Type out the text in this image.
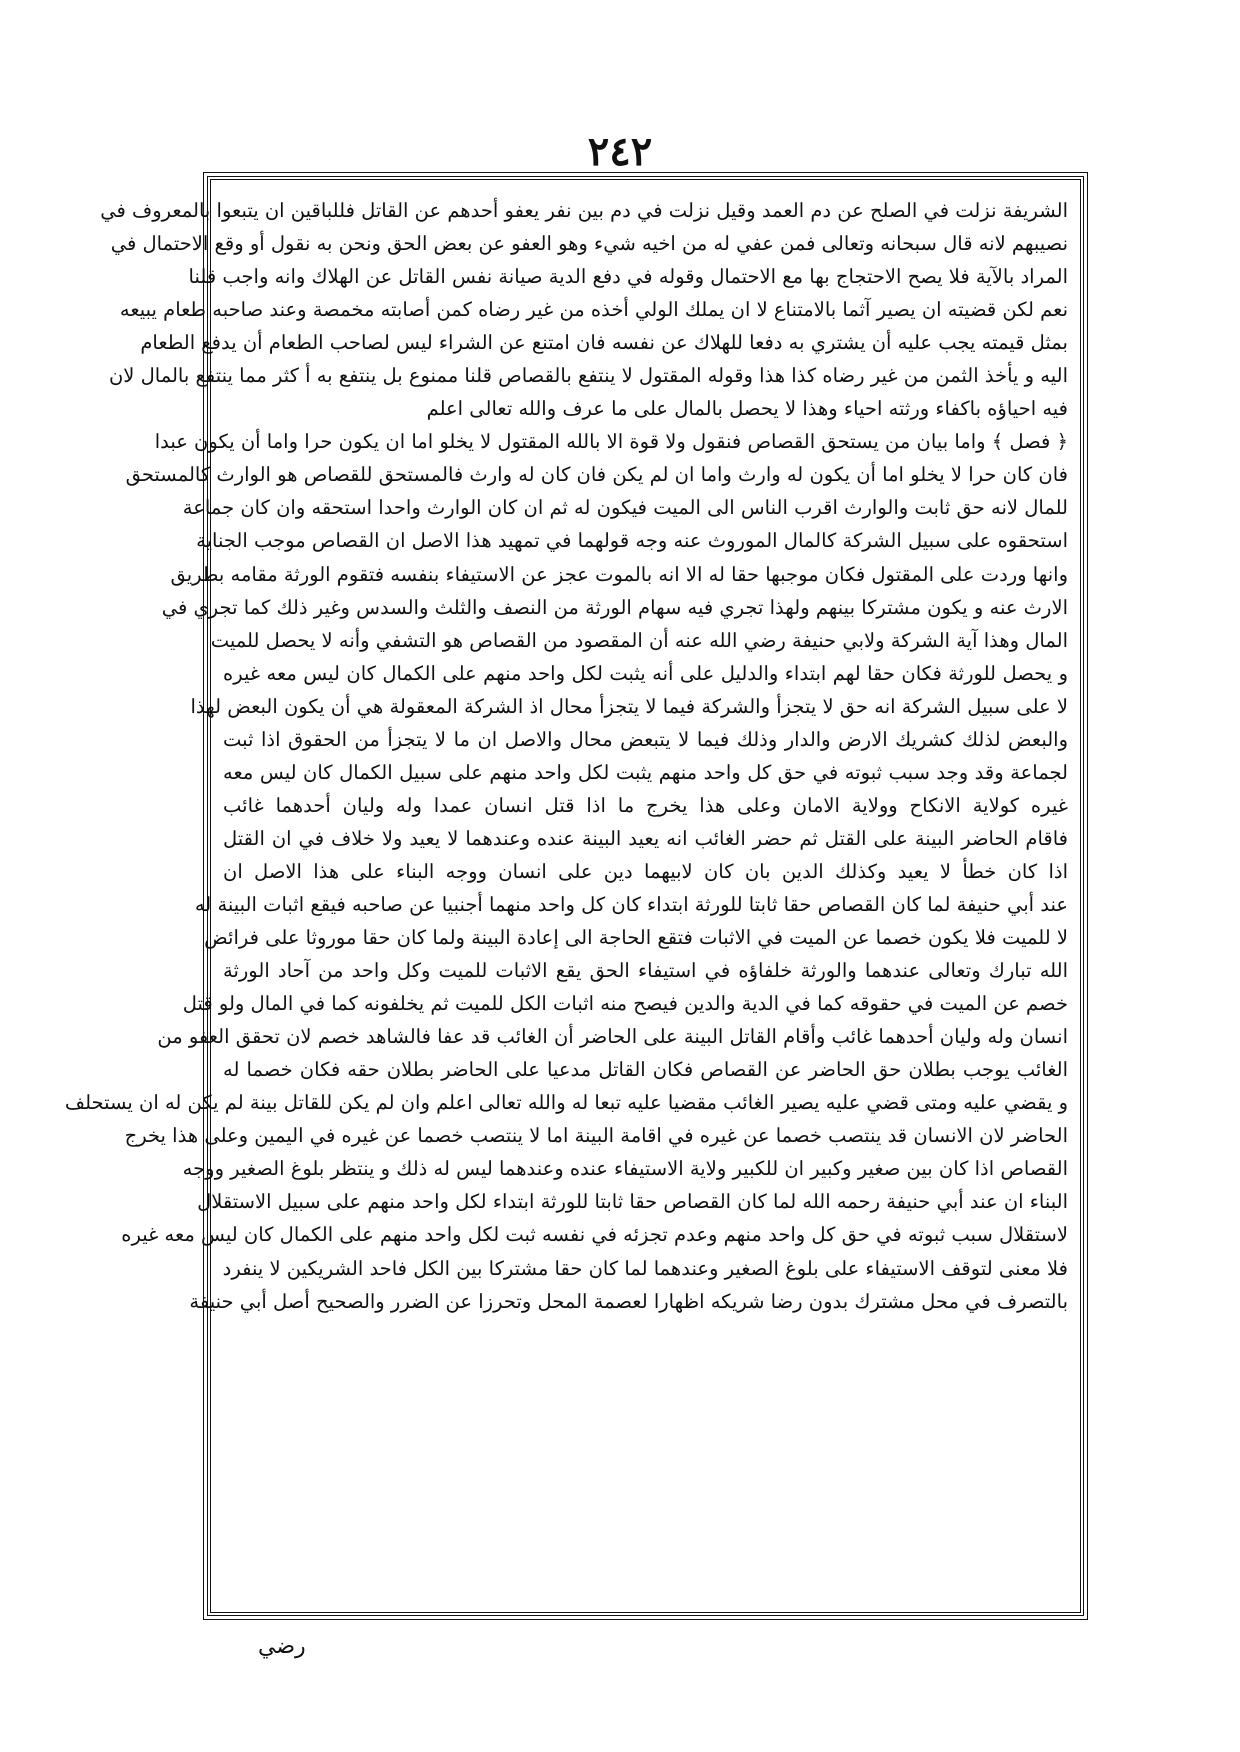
٢٤٢
الشريفة نزلت في الصلح عن دم العمد وقيل نزلت في دم بين نفر يعفو أحدهم عن القاتل فللباقين ان يتبعوا بالمعروف في
نصيبهم لانه قال سبحانه وتعالى فمن عفي له من اخيه شيء وهو العفو عن بعض الحق ونحن به نقول أو وقع الاحتمال في
المراد بالآية فلا يصح الاحتجاج بها مع الاحتمال وقوله في دفع الدية صيانة نفس القاتل عن الهلاك وانه واجب قلنا
نعم لكن قضيته ان يصير آثما بالامتناع لا ان يملك الولي أخذه من غير رضاه كمن أصابته مخمصة وعند صاحبه طعام يبيعه
بمثل قيمته يجب عليه أن يشتري به دفعا للهلاك عن نفسه فان امتنع عن الشراء ليس لصاحب الطعام أن يدفع الطعام
اليه و يأخذ الثمن من غير رضاه كذا هذا وقوله المقتول لا ينتفع بالقصاص قلنا ممنوع بل ينتفع به أ كثر مما ينتفع بالمال لان
فيه احياؤه باكفاء ورثته احياء وهذا لا يحصل بالمال على ما عرف والله تعالى اعلم
﴿ فصل ﴾ واما بيان من يستحق القصاص فنقول ولا قوة الا بالله المقتول لا يخلو اما ان يكون حرا واما أن يكون عبدا
فان كان حرا لا يخلو اما أن يكون له وارث واما ان لم يكن فان كان له وارث فالمستحق للقصاص هو الوارث كالمستحق
للمال لانه حق ثابت والوارث اقرب الناس الى الميت فيكون له ثم ان كان الوارث واحدا استحقه وان كان جماعة
استحقوه على سبيل الشركة كالمال الموروث عنه وجه قولهما في تمهيد هذا الاصل ان القصاص موجب الجناية
وانها وردت على المقتول فكان موجبها حقا له الا انه بالموت عجز عن الاستيفاء بنفسه فتقوم الورثة مقامه بطريق
الارث عنه و يكون مشتركا بينهم ولهذا تجري فيه سهام الورثة من النصف والثلث والسدس وغير ذلك كما تجري في
المال وهذا آية الشركة ولابي حنيفة رضي الله عنه أن المقصود من القصاص هو التشفي وأنه لا يحصل للميت
و يحصل للورثة فكان حقا لهم ابتداء والدليل على أنه يثبت لكل واحد منهم على الكمال كان ليس معه غيره
لا على سبيل الشركة انه حق لا يتجزأ والشركة فيما لا يتجزأ محال اذ الشركة المعقولة هي أن يكون البعض لهذا
والبعض لذلك كشريك الارض والدار وذلك فيما لا يتبعض محال والاصل ان ما لا يتجزأ من الحقوق اذا ثبت
لجماعة وقد وجد سبب ثبوته في حق كل واحد منهم يثبت لكل واحد منهم على سبيل الكمال كان ليس معه
غيره كولاية الانكاح وولاية الامان وعلى هذا يخرج ما اذا قتل انسان عمدا وله وليان أحدهما غائب
فاقام الحاضر البينة على القتل ثم حضر الغائب انه يعيد البينة عنده وعندهما لا يعيد ولا خلاف في ان القتل
اذا كان خطأ لا يعيد وكذلك الدين بان كان لابيهما دين على انسان ووجه البناء على هذا الاصل ان
عند أبي حنيفة لما كان القصاص حقا ثابتا للورثة ابتداء كان كل واحد منهما أجنبيا عن صاحبه فيقع اثبات البينة له
لا للميت فلا يكون خصما عن الميت في الاثبات فتقع الحاجة الى إعادة البينة ولما كان حقا موروثا على فرائض
الله تبارك وتعالى عندهما والورثة خلفاؤه في استيفاء الحق يقع الاثبات للميت وكل واحد من آحاد الورثة
خصم عن الميت في حقوقه كما في الدية والدين فيصح منه اثبات الكل للميت ثم يخلفونه كما في المال ولو قتل
انسان وله وليان أحدهما غائب وأقام القاتل البينة على الحاضر أن الغائب قد عفا فالشاهد خصم لان تحقق العفو من
الغائب يوجب بطلان حق الحاضر عن القصاص فكان القاتل مدعيا على الحاضر بطلان حقه فكان خصما له
و يقضي عليه ومتى قضي عليه يصير الغائب مقضيا عليه تبعا له والله تعالى اعلم وان لم يكن للقاتل بينة لم يكن له ان يستحلف
الحاضر لان الانسان قد ينتصب خصما عن غيره في اقامة البينة اما لا ينتصب خصما عن غيره في اليمين وعلى هذا يخرج
القصاص اذا كان بين صغير وكبير ان للكبير ولاية الاستيفاء عنده وعندهما ليس له ذلك و ينتظر بلوغ الصغير ووجه
البناء ان عند أبي حنيفة رحمه الله لما كان القصاص حقا ثابتا للورثة ابتداء لكل واحد منهم على سبيل الاستقلال
لاستقلال سبب ثبوته في حق كل واحد منهم وعدم تجزئه في نفسه ثبت لكل واحد منهم على الكمال كان ليس معه غيره
فلا معنى لتوقف الاستيفاء على بلوغ الصغير وعندهما لما كان حقا مشتركا بين الكل فاحد الشريكين لا ينفرد
بالتصرف في محل مشترك بدون رضا شريكه اظهارا لعصمة المحل وتحرزا عن الضرر والصحيح أصل أبي حنيفة
رضي
